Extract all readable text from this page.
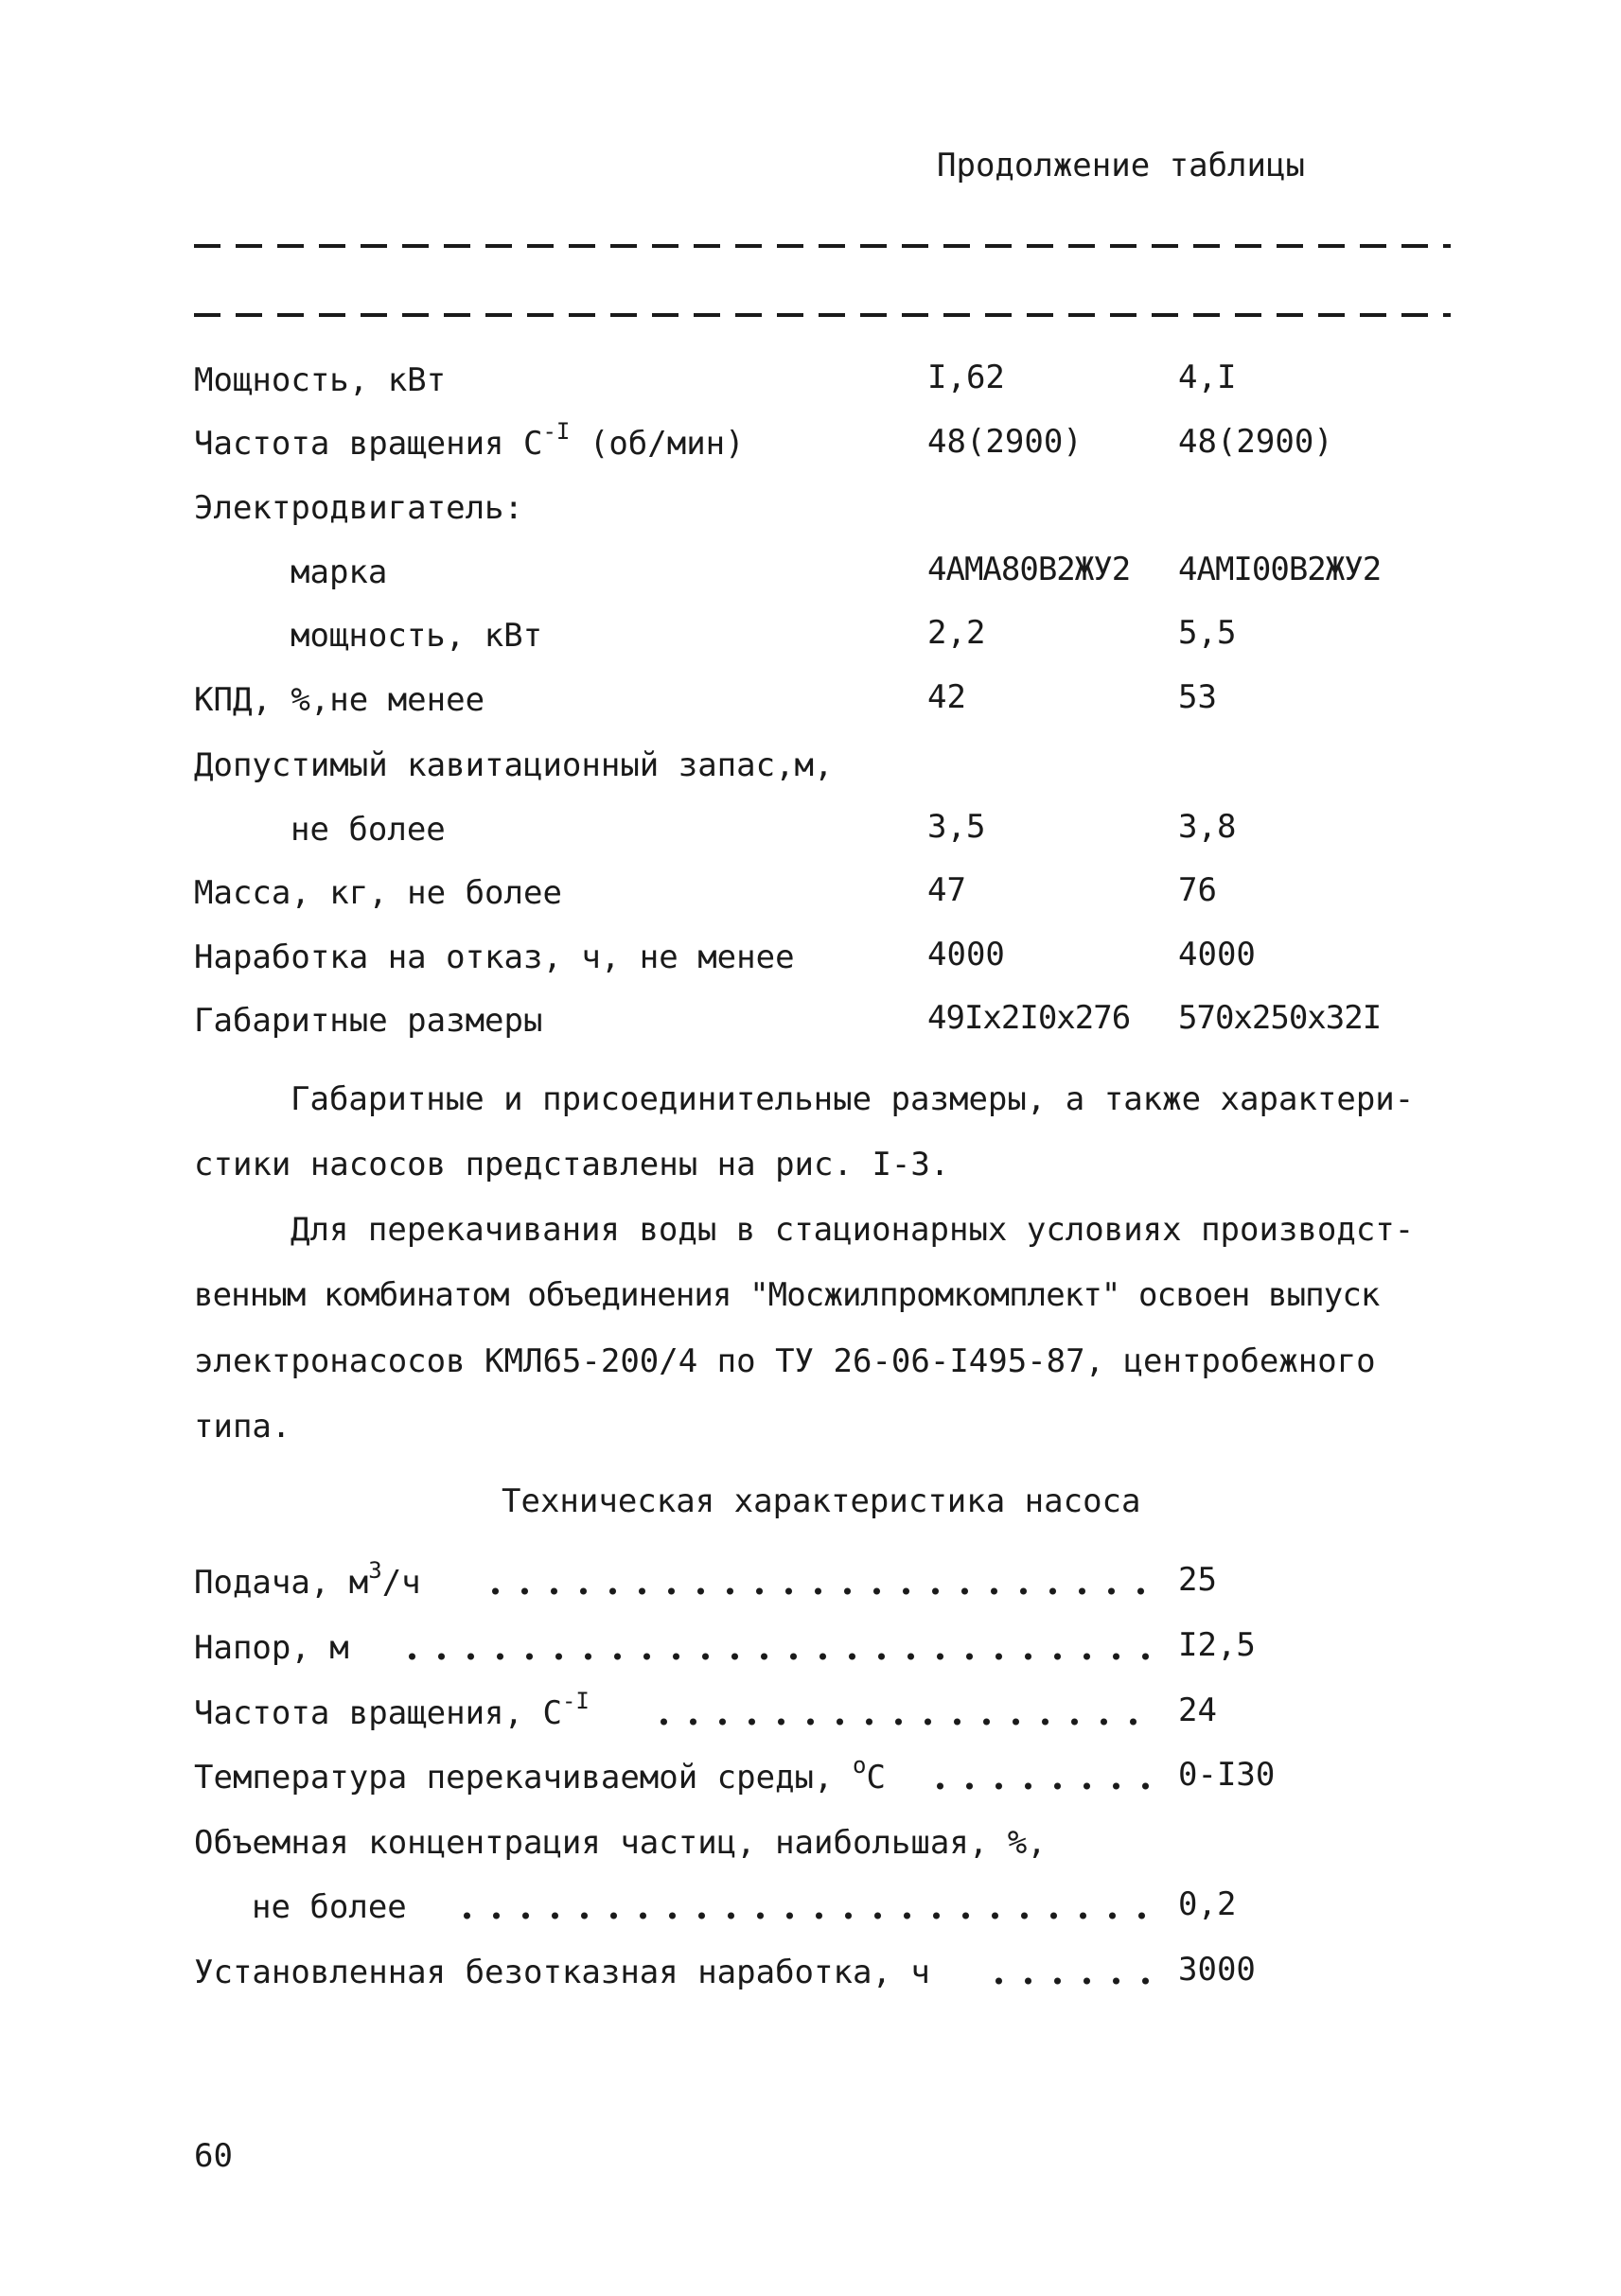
Продолжение таблицы
Мощность, кВт	I,62	4,I
Частота вращения $С^{-I}$ (об/мин)	48(2900)	48(2900)
Электродвигатель:
марка	4АМА80В2ЖУ2 4АМI00В2ЖУ2
мощность, кВт	2,2	5,5
КПД, %,не менее	42	53
Допустимый кавитационный запас,м,
не более	3,5	3,8
Масса, кг, не более	47	76
Наработка на отказ, ч, не менее	4000	4000
Габаритные размеры	49Iх2I0х276 570х250х32I
Габаритные и присоединительные размеры, а также характери-
стики насосов представлены на рис. I-3.
Для перекачивания воды в стационарных условиях производст-
венным комбинатом объединения "Мосжилпромкомплект" освоен выпуск
электронасосов КМЛ65-200/4 по ТУ 26-06-I495-87, центробежного
типа.
Техническая характеристика насоса
Подача, $м^3/ч$	25
Напор, м	I2,5
Частота вращения, $С^{-I}$	24
Температура перекачиваемой среды, $^о$С	0-I30
Объемная концентрация частиц, наибольшая, %,
не более	0,2
Установленная безотказная наработка, ч	3000
60
